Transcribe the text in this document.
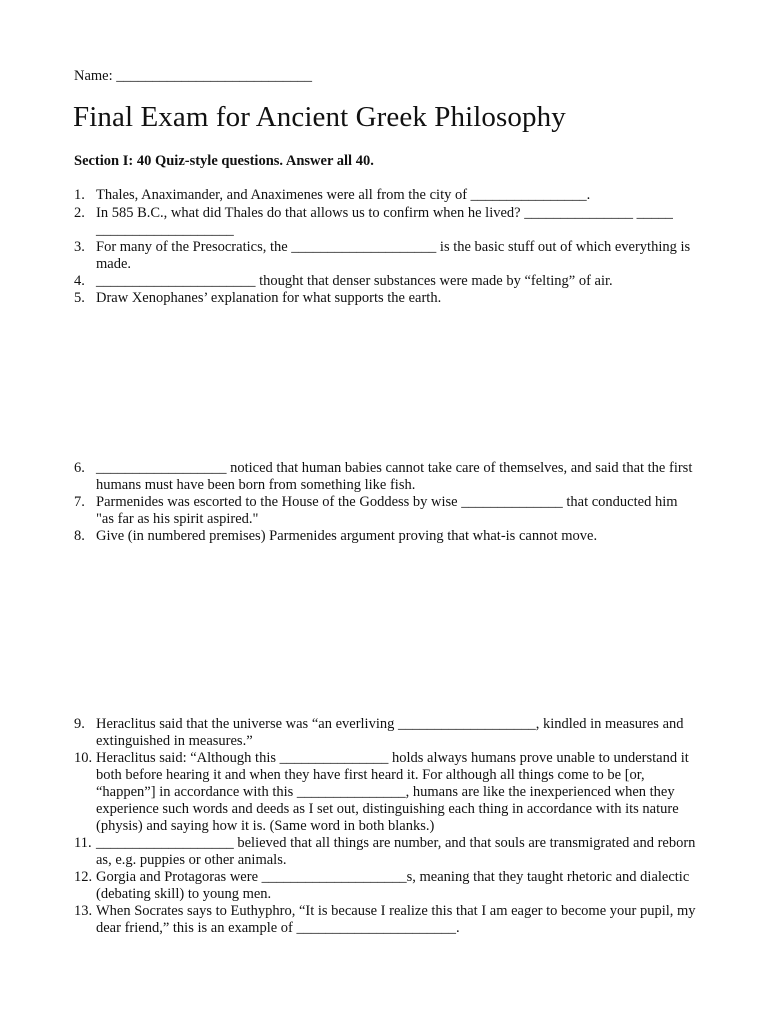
Name: ___________________________
Final Exam for Ancient Greek Philosophy
Section I: 40 Quiz-style questions. Answer all 40.
1. Thales, Anaximander, and Anaximenes were all from the city of ________________.
2. In 585 B.C., what did Thales do that allows us to confirm when he lived? _______________ _____ ___________________
3. For many of the Presocratics, the ____________________ is the basic stuff out of which everything is made.
4. ______________________ thought that denser substances were made by “felting” of air.
5. Draw Xenophanes’ explanation for what supports the earth.
6. __________________ noticed that human babies cannot take care of themselves, and said that the first humans must have been born from something like fish.
7. Parmenides was escorted to the House of the Goddess by wise ______________ that conducted him "as far as his spirit aspired."
8. Give (in numbered premises) Parmenides argument proving that what-is cannot move.
9. Heraclitus said that the universe was “an everliving ___________________, kindled in measures and extinguished in measures.”
10. Heraclitus said: “Although this _______________ holds always humans prove unable to understand it both before hearing it and when they have first heard it. For although all things come to be [or, “happen”] in accordance with this _______________, humans are like the inexperienced when they experience such words and deeds as I set out, distinguishing each thing in accordance with its nature (physis) and saying how it is. (Same word in both blanks.)
11. ___________________ believed that all things are number, and that souls are transmigrated and reborn as, e.g. puppies or other animals.
12. Gorgia and Protagoras were ____________________s, meaning that they taught rhetoric and dialectic (debating skill) to young men.
13. When Socrates says to Euthyphro, “It is because I realize this that I am eager to become your pupil, my dear friend,” this is an example of ______________________.
